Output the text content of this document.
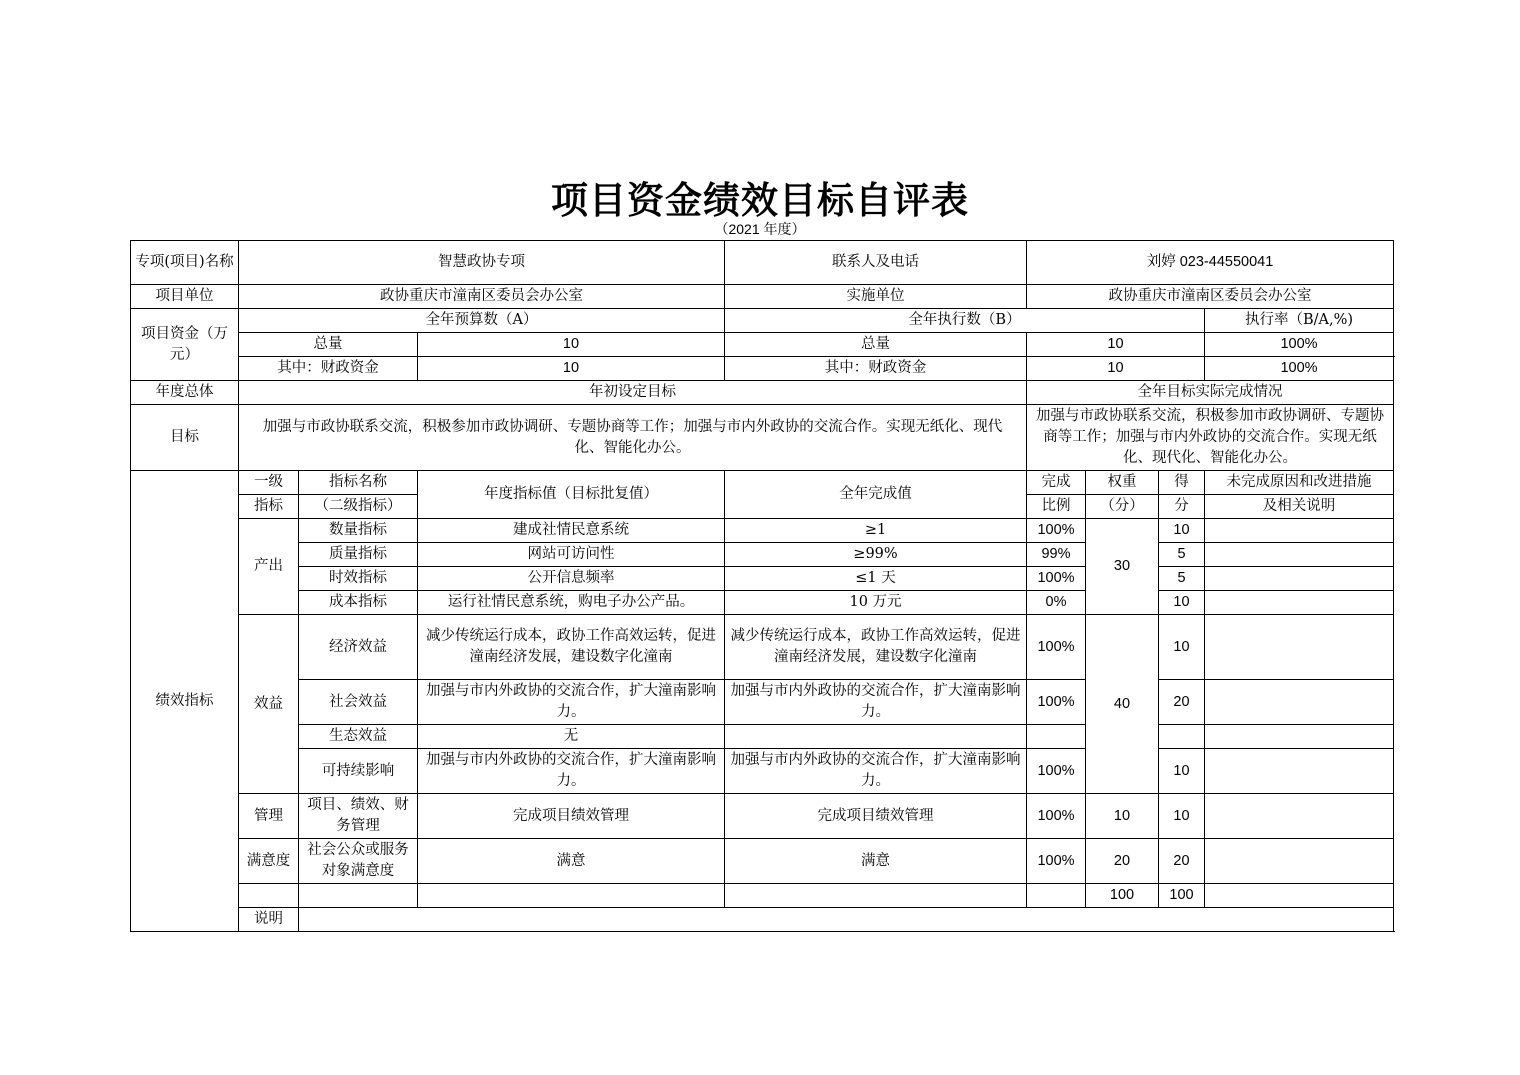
项目资金绩效目标自评表
（2021 年度）
专项(项目)名称	智慧政协专项			联系人及电话	刘婷 023-44550041			
项目单位	政协重庆市潼南区委员会办公室			实施单位	政协重庆市潼南区委员会办公室			
项目资金（万元）	全年预算数（A）			全年执行数（B）				执行率（B/A,%)
	总量		10	总量	10			100%
	其中：财政资金		10	其中：财政资金	10			100%
年度总体	年初设定目标				全年目标实际完成情况			
目标	加强与市政协联系交流，积极参加市政协调研、专题协商等工作；加强与市内外政协的交流合作。实现无纸化、现代化、智能化办公。				加强与市政协联系交流，积极参加市政协调研、专题协商等工作；加强与市内外政协的交流合作。实现无纸化、现代化、智能化办公。			
绩效指标	一级	指标名称	年度指标值（目标批复值）	全年完成值	完成	权重	得	未完成原因和改进措施
	指标	（二级指标）			比例	（分）	分	及相关说明
	产出	数量指标	建成社情民意系统	≥1	100%	30	10	
		质量指标	网站可访问性	≥99%	99%		5	
		时效指标	公开信息频率	≤1 天	100%		5	
		成本指标	运行社情民意系统，购电子办公产品。	10 万元	0%		10	
	效益	经济效益	减少传统运行成本，政协工作高效运转，促进潼南经济发展，建设数字化潼南	减少传统运行成本，政协工作高效运转，促进潼南经济发展，建设数字化潼南	100%	40	10	
		社会效益	加强与市内外政协的交流合作，扩大潼南影响力。	加强与市内外政协的交流合作，扩大潼南影响力。	100%		20	
		生态效益	无					
		可持续影响	加强与市内外政协的交流合作，扩大潼南影响力。	加强与市内外政协的交流合作，扩大潼南影响力。	100%		10	
	管理	项目、绩效、财务管理	完成项目绩效管理	完成项目绩效管理	100%	10	10	
	满意度	社会公众或服务对象满意度	满意	满意	100%	20	20	
						100	100	
	说明							
